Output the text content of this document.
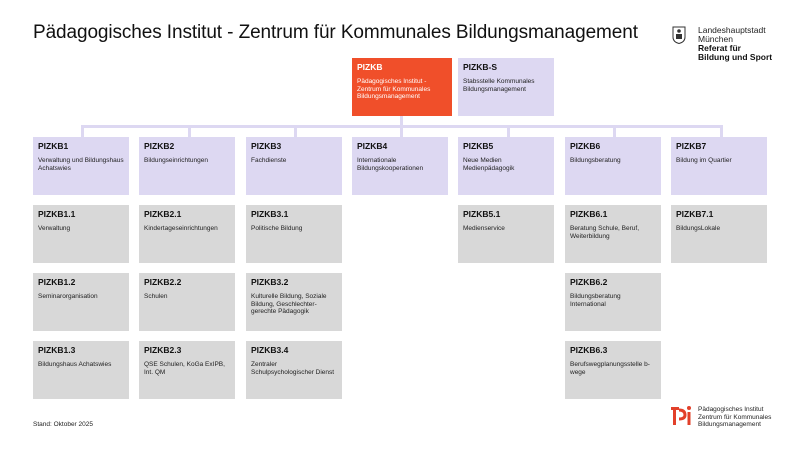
Pädagogisches Institut - Zentrum für Kommunales Bildungsmanagement	Landeshauptstadt
München
Referat für
Bildung und Sport
PIZKB
Pädagogisches Institut - Zentrum für Kommunales Bildungsmanagement
PIZKB-S
Stabsstelle Kommunales Bildungsmanagement
PIZKB1
Verwaltung und Bildungshaus Achatswies
PIZKB1.1
Verwaltung
PIZKB1.2
Seminarorganisation
PIZKB1.3
Bildungshaus Achatswies
PIZKB2
Bildungseinrichtungen
PIZKB2.1
Kindertageseinrichtungen
PIZKB2.2
Schulen
PIZKB2.3
QSE Schulen, KoGa ExIPB, Int. QM
PIZKB3
Fachdienste
PIZKB3.1
Politische Bildung
PIZKB3.2
Kulturelle Bildung, Soziale Bildung, Geschlechter-gerechte Pädagogik
PIZKB3.4
Zentraler Schulpsychologischer Dienst
PIZKB4
Internationale Bildungskooperationen
PIZKB5
Neue Medien Medienpädagogik
PIZKB5.1
Medienservice
PIZKB6
Bildungsberatung
PIZKB6.1
Beratung Schule, Beruf, Weiterbildung
PIZKB6.2
Bildungsberatung International
PIZKB6.3
Berufswegplanungsstelle b-wege
PIZKB7
Bildung im Quartier
PIZKB7.1
BildungsLokale
Stand: Oktober 2025
Pädagogisches Institut
Zentrum für Kommunales
Bildungsmanagement
